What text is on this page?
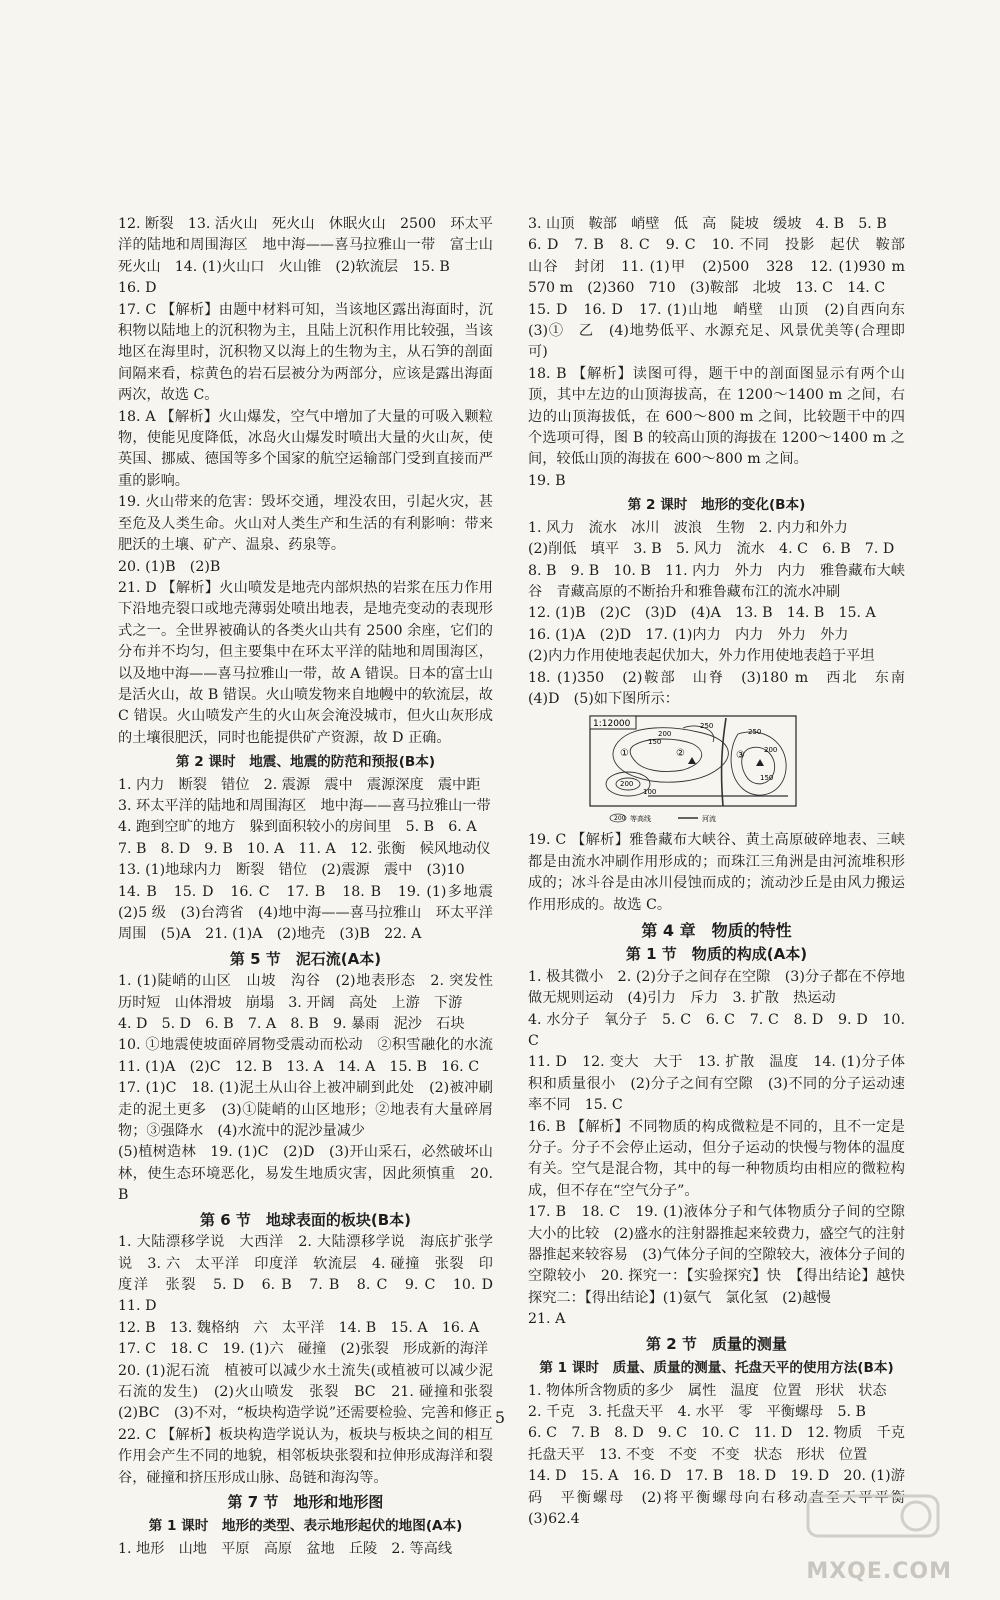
12. 断裂　13. 活火山　死火山　休眠火山　2500　环太平洋的陆地和周围海区　地中海——喜马拉雅山一带　富士山　死火山　14. (1)火山口　火山锥　(2)软流层　15. B

16. D

17. C 【解析】由题中材料可知，当该地区露出海面时，沉积物以陆地上的沉积物为主，且陆上沉积作用比较强，当该地区在海里时，沉积物又以海上的生物为主，从石笋的剖面间隔来看，棕黄色的岩石层被分为两部分，应该是露出海面两次，故选 C。

18. A 【解析】火山爆发，空气中增加了大量的可吸入颗粒物，使能见度降低，冰岛火山爆发时喷出大量的火山灰，使英国、挪威、德国等多个国家的航空运输部门受到直接而严重的影响。

19. 火山带来的危害：毁坏交通，埋没农田，引起火灾，甚至危及人类生命。火山对人类生产和生活的有利影响：带来肥沃的土壤、矿产、温泉、药泉等。

20. (1)B　(2)B

21. D 【解析】火山喷发是地壳内部炽热的岩浆在压力作用下沿地壳裂口或地壳薄弱处喷出地表，是地壳变动的表现形式之一。全世界被确认的各类火山共有 2500 余座，它们的分布并不均匀，但主要集中在环太平洋的陆地和周围海区，以及地中海——喜马拉雅山一带，故 A 错误。日本的富士山是活火山，故 B 错误。火山喷发物来自地幔中的软流层，故 C 错误。火山喷发产生的火山灰会淹没城市，但火山灰形成的土壤很肥沃，同时也能提供矿产资源，故 D 正确。

第 2 课时　地震、地震的防范和预报(B本)

1. 内力　断裂　错位　2. 震源　震中　震源深度　震中距

3. 环太平洋的陆地和周围海区　地中海——喜马拉雅山一带

4. 跑到空旷的地方　躲到面积较小的房间里　5. B　6. A

7. B　8. D　9. B　10. A　11. A　12. 张衡　候风地动仪

13. (1)地球内力　断裂　错位　(2)震源　震中　(3)10

14. B　15. D　16. C　17. B　18. B　19. (1)多地震　(2)5 级　(3)台湾省　(4)地中海——喜马拉雅山　环太平洋周围　(5)A　21. (1)A　(2)地壳　(3)B　22. A

第 5 节　泥石流(A本)

1. (1)陡峭的山区　山坡　沟谷　(2)地表形态　2. 突发性　历时短　山体滑坡　崩塌　3. 开阔　高处　上游　下游

4. D　5. D　6. B　7. A　8. B　9. 暴雨　泥沙　石块

10. ①地震使坡面碎屑物受震动而松动　②积雪融化的水流　11. (1)A　(2)C　12. B　13. A　14. A　15. B　16. C

17. (1)C　18. (1)泥土从山谷上被冲刷到此处　(2)被冲刷走的泥土更多　(3)①陡峭的山区地形；②地表有大量碎屑物；③强降水　(4)水流中的泥沙量减少

(5)植树造林　19. (1)C　(2)D　(3)开山采石，必然破坏山林，使生态环境恶化，易发生地质灾害，因此须慎重　20. B

第 6 节　地球表面的板块(B本)

1. 大陆漂移学说　大西洋　2. 大陆漂移学说　海底扩张学说　3. 六　太平洋　印度洋　软流层　4. 碰撞　张裂　印度洋　张裂　5. D　6. B　7. B　8. C　9. C　10. D　11. D

12. B　13. 魏格纳　六　太平洋　14. B　15. A　16. A

17. C　18. C　19. (1)六　碰撞　(2)张裂　形成新的海洋

20. (1)泥石流　植被可以减少水土流失(或植被可以减少泥石流的发生)　(2)火山喷发　张裂　BC　21. 碰撞和张裂　(2)BC　(3)不对，“板块构造学说”还需要检验、完善和修正

22. C 【解析】板块构造学说认为，板块与板块之间的相互作用会产生不同的地貌，相邻板块张裂和拉伸形成海洋和裂谷，碰撞和挤压形成山脉、岛链和海沟等。

第 7 节　地形和地形图
第 1 课时　地形的类型、表示地形起伏的地图(A本)

1. 地形　山地　平原　高原　盆地　丘陵　2. 等高线

3. 山顶　鞍部　峭壁　低　高　陡坡　缓坡　4. B　5. B

6. D　7. B　8. C　9. C　10. 不同　投影　起伏　鞍部　山谷　封闭　11. (1)甲　(2)500　328　12. (1)930 m　570 m　(2)360　710　(3)鞍部　北坡　13. C　14. C

15. D　16. D　17. (1)山地　峭壁　山顶　(2)自西向东　(3)①　乙　(4)地势低平、水源充足、风景优美等(合理即可)

18. B 【解析】读图可得，题干中的剖面图显示有两个山顶，其中左边的山顶海拔高，在 1200～1400 m 之间，右边的山顶海拔低，在 600～800 m 之间，比较题干中的四个选项可得，图 B 的较高山顶的海拔在 1200～1400 m 之间，较低山顶的海拔在 600～800 m 之间。

19. B

第 2 课时　地形的变化(B本)

1. 风力　流水　冰川　波浪　生物　2. 内力和外力

(2)削低　填平　3. B　5. 风力　流水　4. C　6. B　7. D

8. B　9. B　10. B　11. 内力　外力　内力　雅鲁藏布大峡谷　青藏高原的不断抬升和雅鲁藏布江的流水冲刷

12. (1)B　(2)C　(3)D　(4)A　13. B　14. B　15. A

16. (1)A　(2)D　17. (1)内力　内力　外力　外力

(2)内力作用使地表起伏加大，外力作用使地表趋于平坦

18. (1)350　(2)鞍部　山脊　(3)180 m　西北　东南　(4)D　(5)如下图所示：

1:12000
①	②	③
250
200
150
100
200
150
200
250
200 等高线	河流

19. C 【解析】雅鲁藏布大峡谷、黄土高原破碎地表、三峡都是由流水冲刷作用形成的；而珠江三角洲是由河流堆积形成的；冰斗谷是由冰川侵蚀而成的；流动沙丘是由风力搬运作用形成的。故选 C。

第 4 章　物质的特性
第 1 节　物质的构成(A本)

1. 极其微小　2. (2)分子之间存在空隙　(3)分子都在不停地做无规则运动　(4)引力　斥力　3. 扩散　热运动

4. 水分子　氧分子　5. C　6. C　7. C　8. D　9. D　10. C

11. D　12. 变大　大于　13. 扩散　温度　14. (1)分子体积和质量很小　(2)分子之间有空隙　(3)不同的分子运动速率不同　15. C

16. B 【解析】不同物质的构成微粒是不同的，且不一定是分子。分子不会停止运动，但分子运动的快慢与物体的温度有关。空气是混合物，其中的每一种物质均由相应的微粒构成，但不存在“空气分子”。

17. B　18. C　19. (1)液体分子和气体物质分子间的空隙大小的比较　(2)盛水的注射器推起来较费力，盛空气的注射器推起来较容易　(3)气体分子间的空隙较大，液体分子间的空隙较小　20. 探究一：【实验探究】快　【得出结论】越快　探究二：【得出结论】(1)氨气　氯化氢　(2)越慢

21. A

第 2 节　质量的测量
第 1 课时　质量、质量的测量、托盘天平的使用方法(B本)

1. 物体所含物质的多少　属性　温度　位置　形状　状态

2. 千克　3. 托盘天平　4. 水平　零　平衡螺母　5. B

6. C　7. B　8. D　9. C　10. C　11. D　12. 物质　千克　托盘天平　13. 不变　不变　不变　状态　形状　位置

14. D　15. A　16. D　17. B　18. D　19. D　20. (1)游码　平衡螺母　(2)将平衡螺母向右移动直至天平平衡　(3)62.4

5
MXQE.COM
